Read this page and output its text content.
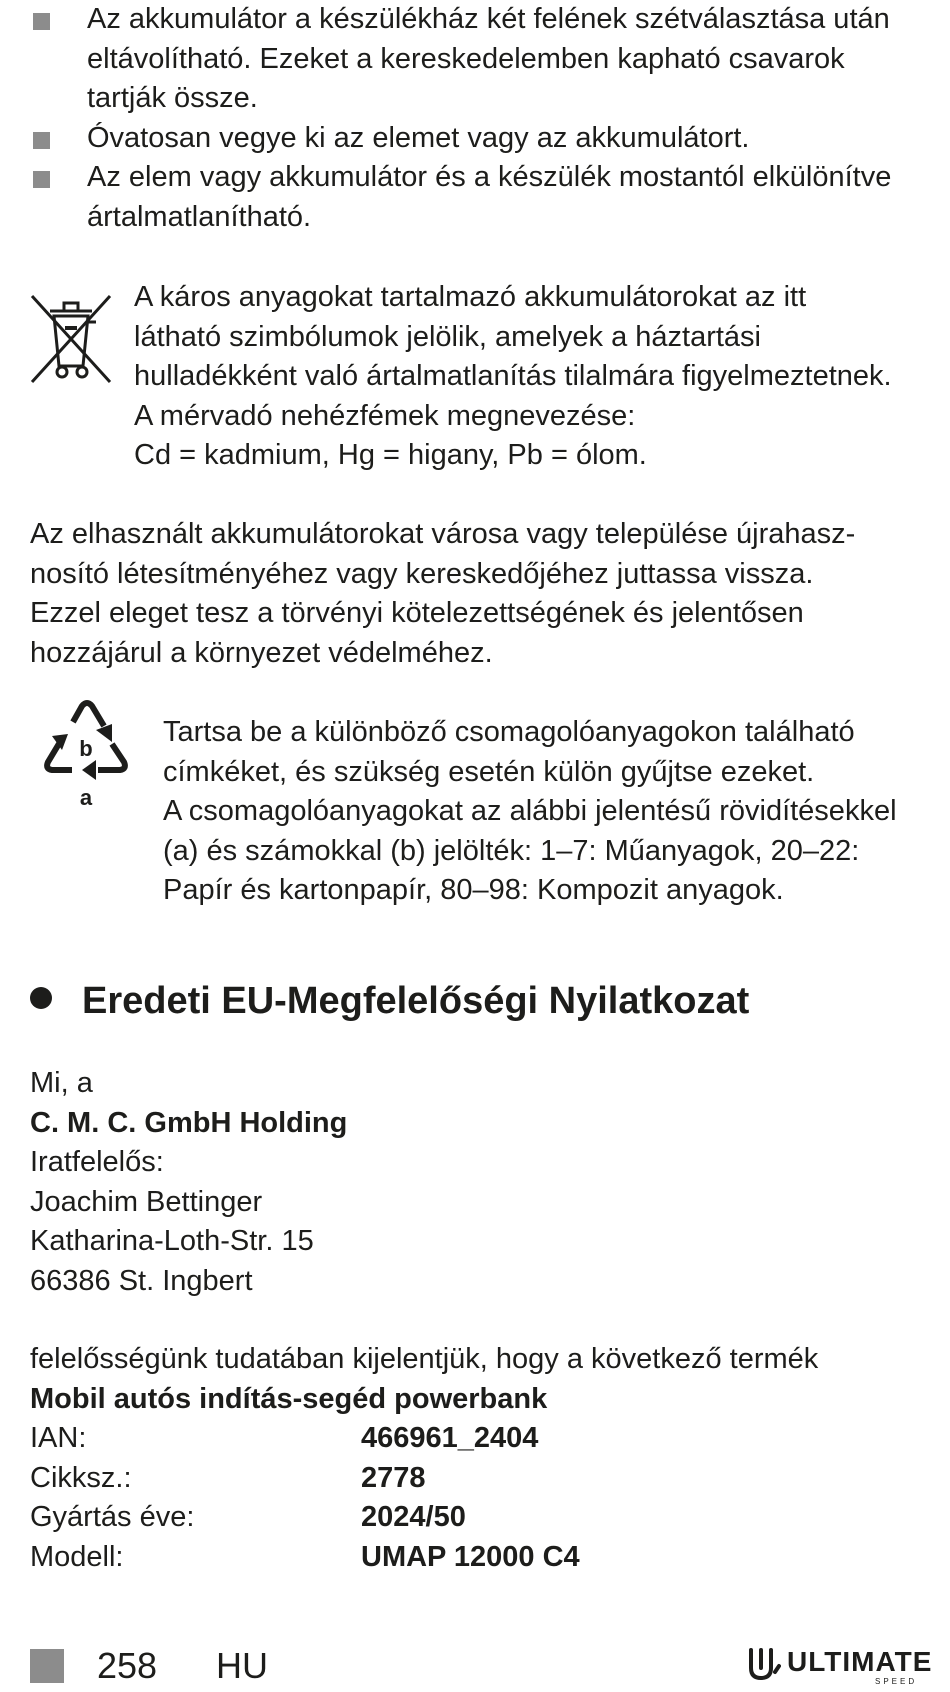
Az akkumulátor a készülékház két felének szétválasztása után eltávolítható. Ezeket a kereskedelemben kapható csavarok tartják össze.
Óvatosan vegye ki az elemet vagy az akkumulátort.
Az elem vagy akkumulátor és a készülék mostantól elkülönítve ártalmatlanítható.
A káros anyagokat tartalmazó akkumulátorokat az itt
látható szimbólumok jelölik, amelyek a háztartási
hulladékként való ártalmatlanítás tilalmára figyelmeztetnek.
A mérvadó nehézfémek megnevezése:
Cd = kadmium, Hg = higany, Pb = ólom.
Az elhasznált akkumulátorokat városa vagy települése újrahasz-
nosító létesítményéhez vagy kereskedőjéhez juttassa vissza.
Ezzel eleget tesz a törvényi kötelezettségének és jelentősen
hozzájárul a környezet védelméhez.
b
a
Tartsa be a különböző csomagolóanyagokon található
címkéket, és szükség esetén külön gyűjtse ezeket.
A csomagolóanyagokat az alábbi jelentésű rövidítésekkel
(a) és számokkal (b) jelölték: 1–7: Műanyagok, 20–22:
Papír és kartonpapír, 80–98: Kompozit anyagok.
Eredeti EU-Megfelelőségi Nyilatkozat
Mi, a
C. M. C. GmbH Holding
Iratfelelős:
Joachim Bettinger
Katharina-Loth-Str. 15
66386 St. Ingbert
felelősségünk tudatában kijelentjük, hogy a következő termék
Mobil autós indítás-segéd powerbank
IAN:	466961_2404
Cikksz.:	2778
Gyártás éve:	2024/50
Modell:	UMAP 12000 C4
258 HU	ULTIMATE
SPEED
